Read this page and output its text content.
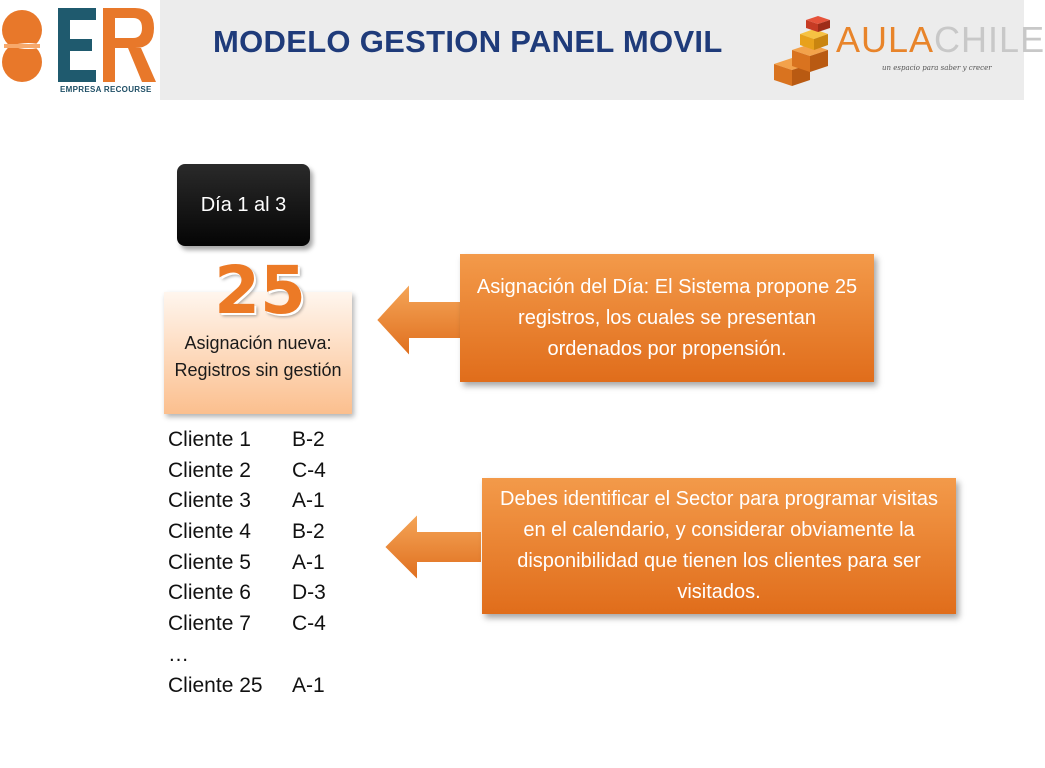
EMPRESA RECOURSE
MODELO GESTION PANEL MOVIL	AULACHILE
un espacio para saber y crecer
Día 1 al 3
25
Asignación nueva: Registros sin gestión
Cliente 1 B-2
Cliente 2 C-4
Cliente 3 A-1
Cliente 4 B-2
Cliente 5 A-1
Cliente 6 D-3
Cliente 7 C-4
…
Cliente 25 A-1
Asignación del Día: El Sistema propone 25 registros, los cuales se presentan ordenados por propensión.
Debes identificar el Sector para programar visitas en el calendario, y considerar obviamente la disponibilidad que tienen los clientes para ser visitados.
